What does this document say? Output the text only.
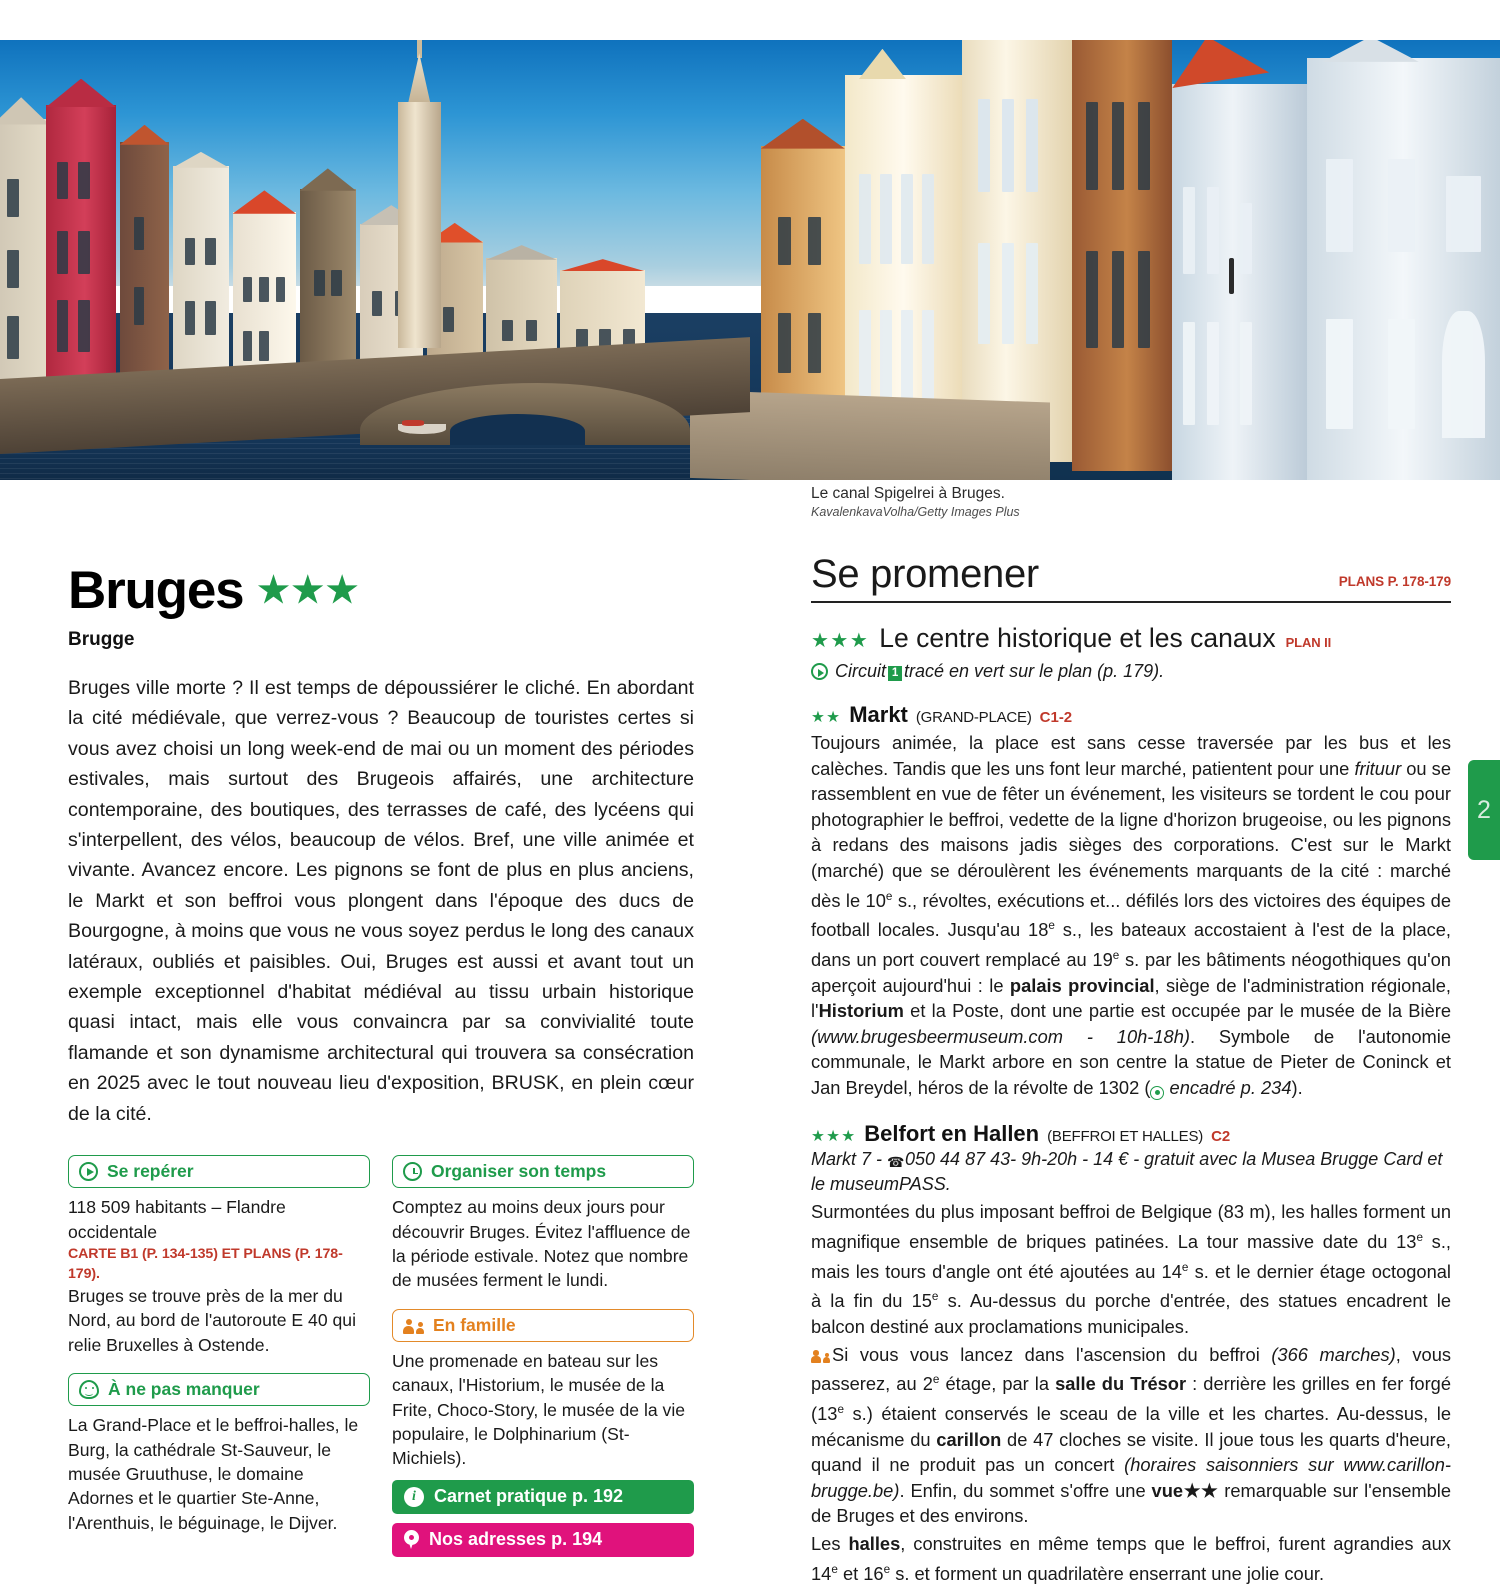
Le canal Spigelrei à Bruges.
KavalenkavaVolha/Getty Images Plus
Bruges ★★★
Brugge
Bruges ville morte ? Il est temps de dépoussiérer le cliché. En abordant la cité médiévale, que verrez-vous ? Beaucoup de touristes certes si vous avez choisi un long week-end de mai ou un moment des périodes estivales, mais surtout des Brugeois affairés, une architecture contemporaine, des boutiques, des terrasses de café, des lycéens qui s'interpellent, des vélos, beaucoup de vélos. Bref, une ville animée et vivante. Avancez encore. Les pignons se font de plus en plus anciens, le Markt et son beffroi vous plongent dans l'époque des ducs de Bourgogne, à moins que vous ne vous soyez perdus le long des canaux latéraux, oubliés et paisibles. Oui, Bruges est aussi et avant tout un exemple exceptionnel d'habitat médiéval au tissu urbain historique quasi intact, mais elle vous convaincra par sa convivialité toute flamande et son dynamisme architectural qui trouvera sa consécration en 2025 avec le tout nouveau lieu d'exposition, BRUSK, en plein cœur de la cité.
Se repérer
118 509 habitants – Flandre occidentale
CARTE B1 (P. 134-135) ET PLANS (P. 178-179).
Bruges se trouve près de la mer du Nord, au bord de l'autoroute E 40 qui relie Bruxelles à Ostende.
À ne pas manquer
La Grand-Place et le beffroi-halles, le Burg, la cathédrale St-Sauveur, le musée Gruuthuse, le domaine Adornes et le quartier Ste-Anne, l'Arenthuis, le béguinage, le Dijver.
Organiser son temps
Comptez au moins deux jours pour découvrir Bruges. Évitez l'affluence de la période estivale. Notez que nombre de musées ferment le lundi.
En famille
Une promenade en bateau sur les canaux, l'Historium, le musée de la Frite, Choco-Story, le musée de la vie populaire, le Dolphinarium (St-Michiels).
i	Carnet pratique p. 192
Nos adresses p. 194
Se promener	PLANS P. 178-179
★★★ Le centre historique et les canaux PLAN II
Circuit 1 tracé en vert sur le plan (p. 179).
★★ Markt (GRAND-PLACE) C1-2
Toujours animée, la place est sans cesse traversée par les bus et les calèches. Tandis que les uns font leur marché, patientent pour une frituur ou se rassemblent en vue de fêter un événement, les visiteurs se tordent le cou pour photographier le beffroi, vedette de la ligne d'horizon brugeoise, ou les pignons à redans des maisons jadis sièges des corporations. C'est sur le Markt (marché) que se déroulèrent les événements marquants de la cité : marché dès le 10e s., révoltes, exécutions et... défilés lors des victoires des équipes de football locales. Jusqu'au 18e s., les bateaux accostaient à l'est de la place, dans un port couvert remplacé au 19e s. par les bâtiments néogothiques qu'on aperçoit aujourd'hui : le palais provincial, siège de l'administration régionale, l'Historium et la Poste, dont une partie est occupée par le musée de la Bière (www.brugesbeermuseum.com - 10h-18h). Symbole de l'autonomie communale, le Markt arbore en son centre la statue de Pieter de Coninck et Jan Breydel, héros de la révolte de 1302 ( encadré p. 234).
★★★ Belfort en Hallen (BEFFROI ET HALLES) C2
Markt 7 - ☎ 050 44 87 43- 9h-20h - 14 € - gratuit avec la Musea Brugge Card et le museumPASS.
Surmontées du plus imposant beffroi de Belgique (83 m), les halles forment un magnifique ensemble de briques patinées. La tour massive date du 13e s., mais les tours d'angle ont été ajoutées au 14e s. et le dernier étage octogonal à la fin du 15e s. Au-dessus du porche d'entrée, des statues encadrent le balcon destiné aux proclamations municipales.
Si vous vous lancez dans l'ascension du beffroi (366 marches), vous passerez, au 2e étage, par la salle du Trésor : derrière les grilles en fer forgé (13e s.) étaient conservés le sceau de la ville et les chartes. Au-dessus, le mécanisme du carillon de 47 cloches se visite. Il joue tous les quarts d'heure, quand il ne produit pas un concert (horaires saisonniers sur www.carillon-brugge.be). Enfin, du sommet s'offre une vue★★ remarquable sur l'ensemble de Bruges et des environs.
Les halles, construites en même temps que le beffroi, furent agrandies aux 14e et 16e s. et forment un quadrilatère enserrant une jolie cour.
2
